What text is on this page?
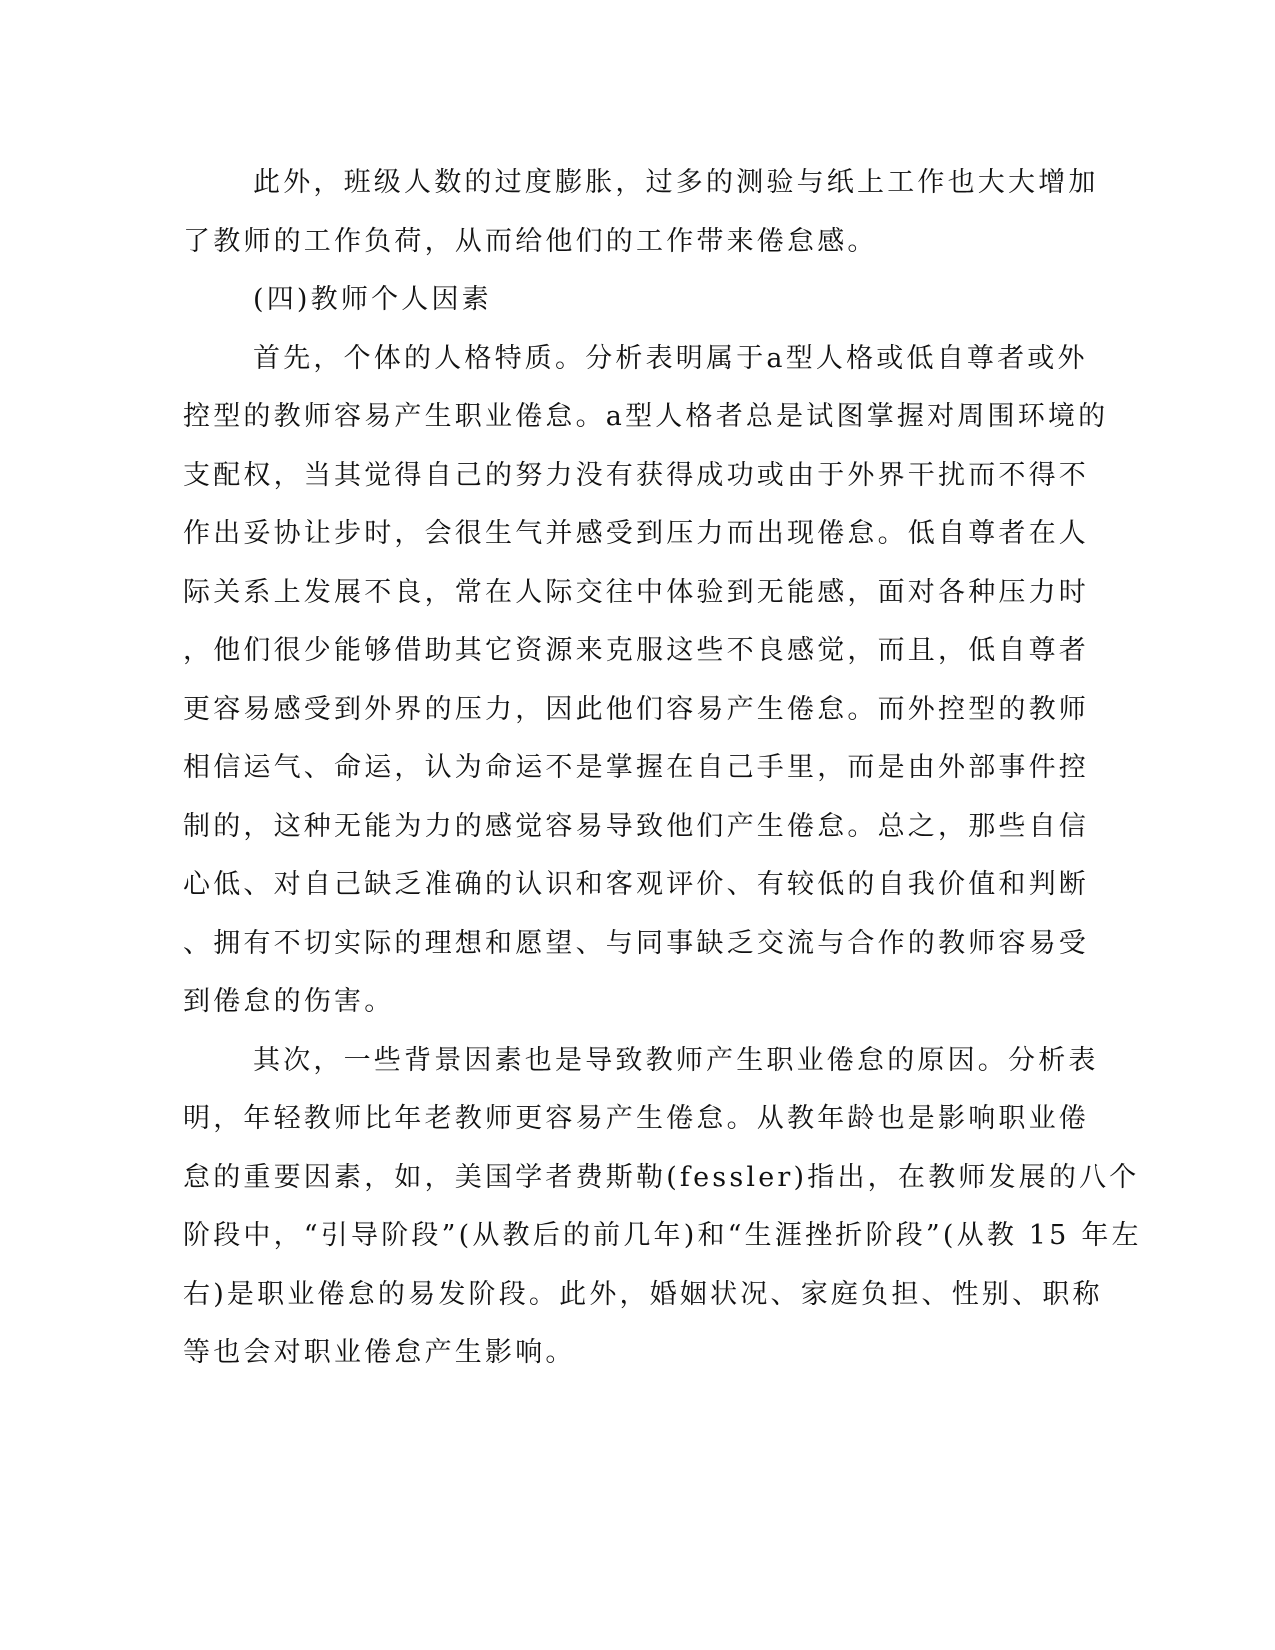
此外，班级人数的过度膨胀，过多的测验与纸上工作也大大增加
了教师的工作负荷，从而给他们的工作带来倦怠感。
(四)教师个人因素
首先，个体的人格特质。分析表明属于a型人格或低自尊者或外
控型的教师容易产生职业倦怠。a型人格者总是试图掌握对周围环境的
支配权，当其觉得自己的努力没有获得成功或由于外界干扰而不得不
作出妥协让步时，会很生气并感受到压力而出现倦怠。低自尊者在人
际关系上发展不良，常在人际交往中体验到无能感，面对各种压力时
，他们很少能够借助其它资源来克服这些不良感觉，而且，低自尊者
更容易感受到外界的压力，因此他们容易产生倦怠。而外控型的教师
相信运气、命运，认为命运不是掌握在自己手里，而是由外部事件控
制的，这种无能为力的感觉容易导致他们产生倦怠。总之，那些自信
心低、对自己缺乏准确的认识和客观评价、有较低的自我价值和判断
、拥有不切实际的理想和愿望、与同事缺乏交流与合作的教师容易受
到倦怠的伤害。
其次，一些背景因素也是导致教师产生职业倦怠的原因。分析表
明，年轻教师比年老教师更容易产生倦怠。从教年龄也是影响职业倦
怠的重要因素，如，美国学者费斯勒(fessler)指出，在教师发展的八个
阶段中，“引导阶段”(从教后的前几年)和“生涯挫折阶段”(从教 15 年左
右)是职业倦怠的易发阶段。此外，婚姻状况、家庭负担、性别、职称
等也会对职业倦怠产生影响。
